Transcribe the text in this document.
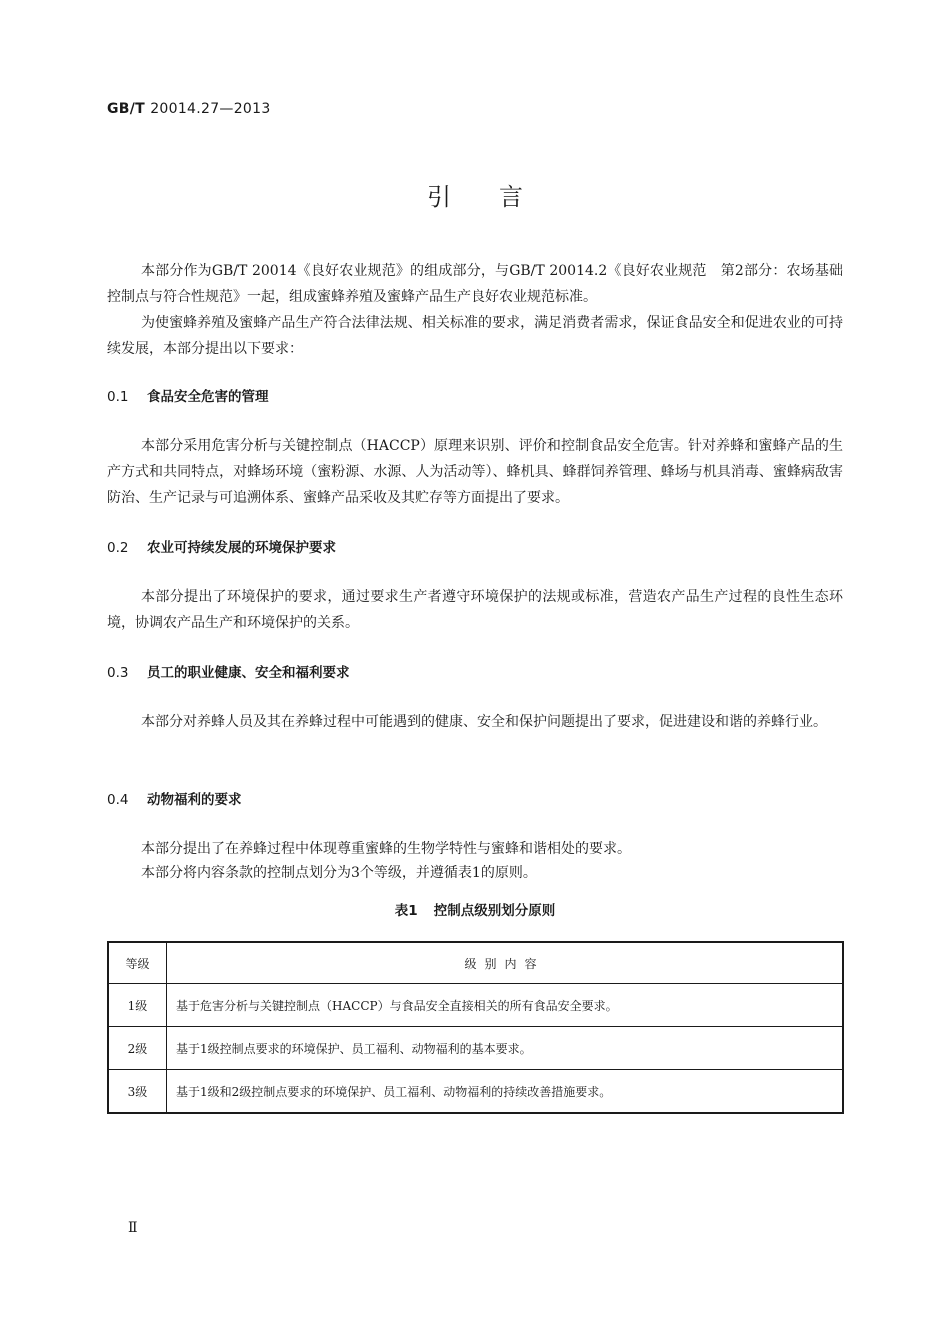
GB/T 20014.27—2013
引言

本部分作为GB/T 20014《良好农业规范》的组成部分，与GB/T 20014.2《良好农业规范　第2部分：农场基础控制点与符合性规范》一起，组成蜜蜂养殖及蜜蜂产品生产良好农业规范标准。

为使蜜蜂养殖及蜜蜂产品生产符合法律法规、相关标准的要求，满足消费者需求，保证食品安全和促进农业的可持续发展，本部分提出以下要求：

0.1 食品安全危害的管理

本部分采用危害分析与关键控制点（HACCP）原理来识别、评价和控制食品安全危害。针对养蜂和蜜蜂产品的生产方式和共同特点，对蜂场环境（蜜粉源、水源、人为活动等）、蜂机具、蜂群饲养管理、蜂场与机具消毒、蜜蜂病敌害防治、生产记录与可追溯体系、蜜蜂产品采收及其贮存等方面提出了要求。

0.2 农业可持续发展的环境保护要求

本部分提出了环境保护的要求，通过要求生产者遵守环境保护的法规或标准，营造农产品生产过程的良性生态环境，协调农产品生产和环境保护的关系。

0.3 员工的职业健康、安全和福利要求

本部分对养蜂人员及其在养蜂过程中可能遇到的健康、安全和保护问题提出了要求，促进建设和谐的养蜂行业。

0.4 动物福利的要求

本部分提出了在养蜂过程中体现尊重蜜蜂的生物学特性与蜜蜂和谐相处的要求。

本部分将内容条款的控制点划分为3个等级，并遵循表1的原则。

表1 控制点级别划分原则
等级	级别内容
1级	基于危害分析与关键控制点（HACCP）与食品安全直接相关的所有食品安全要求。
2级	基于1级控制点要求的环境保护、员工福利、动物福利的基本要求。
3级	基于1级和2级控制点要求的环境保护、员工福利、动物福利的持续改善措施要求。
Ⅱ
